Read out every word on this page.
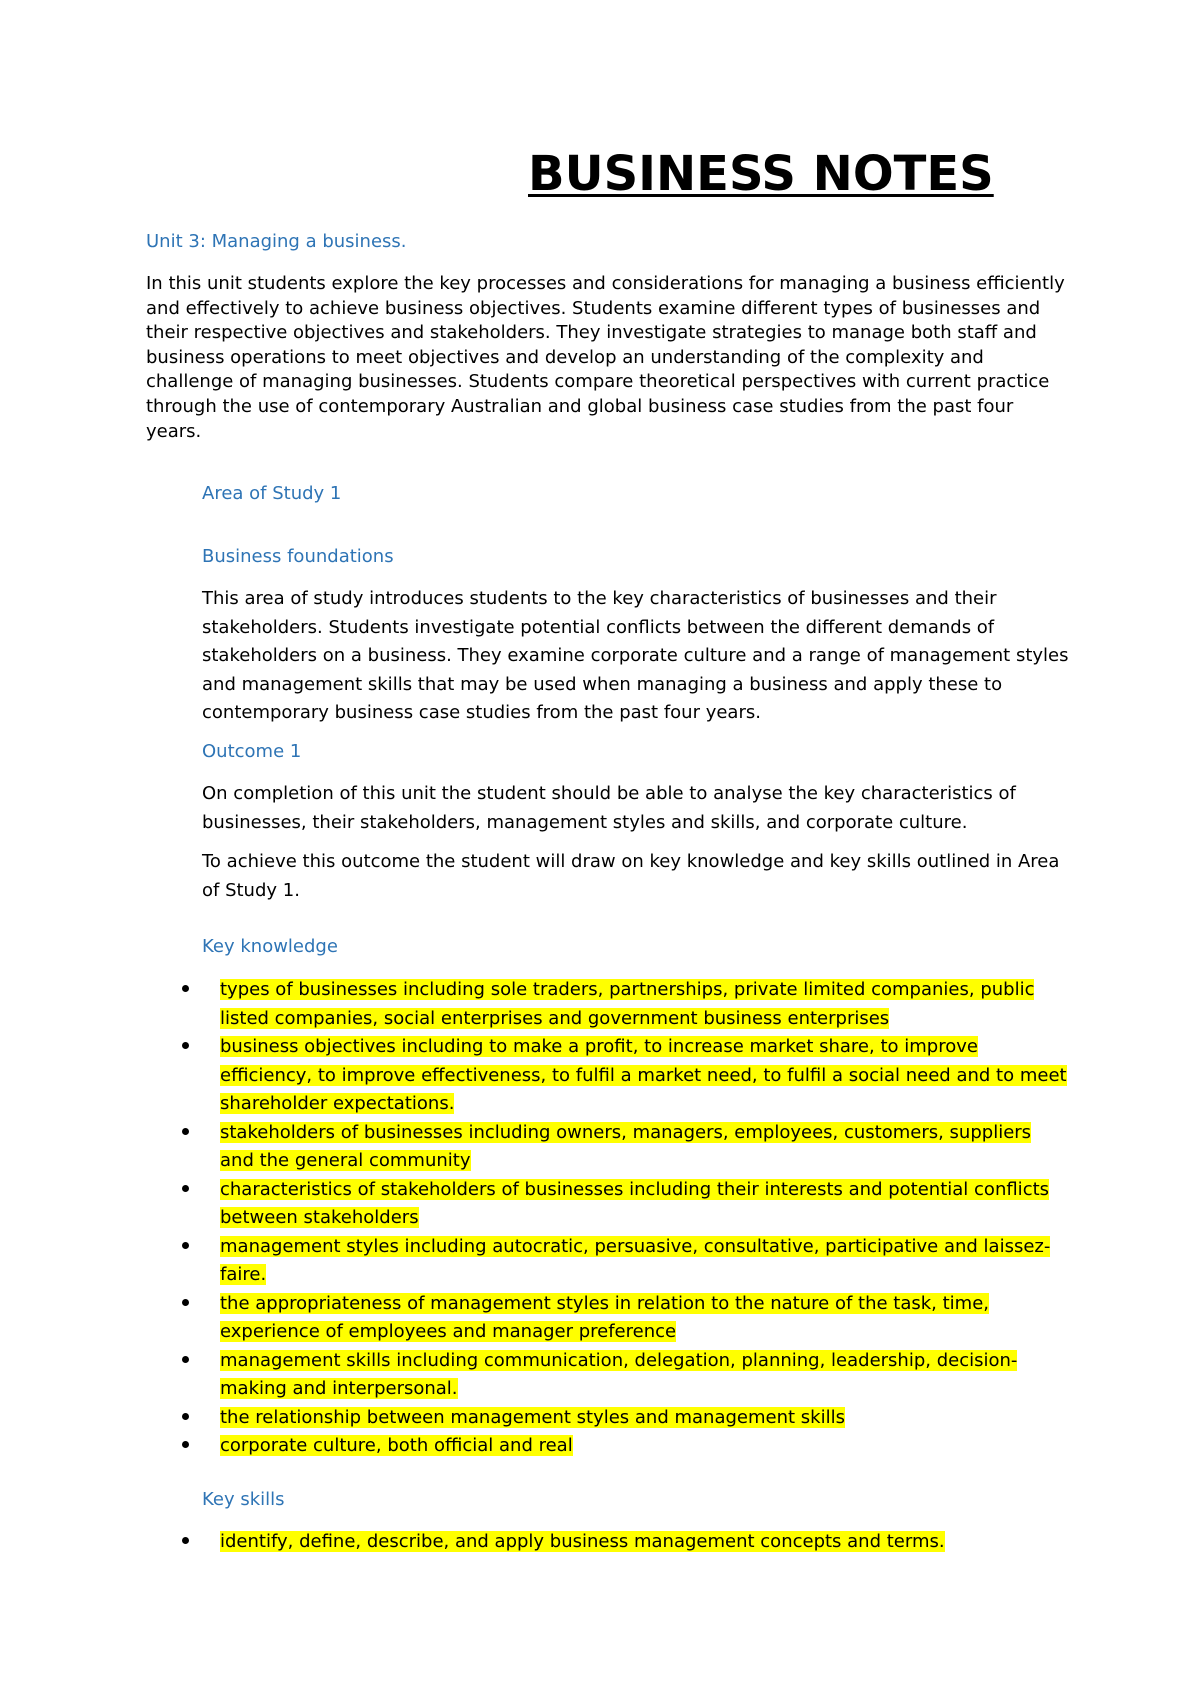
BUSINESS NOTES
Unit 3: Managing a business.

In this unit students explore the key processes and considerations for managing a business efficiently and effectively to achieve business objectives. Students examine different types of businesses and their respective objectives and stakeholders. They investigate strategies to manage both staff and business operations to meet objectives and develop an understanding of the complexity and challenge of managing businesses. Students compare theoretical perspectives with current practice through the use of contemporary Australian and global business case studies from the past four years.

Area of Study 1
Business foundations

This area of study introduces students to the key characteristics of businesses and their stakeholders. Students investigate potential conflicts between the different demands of stakeholders on a business. They examine corporate culture and a range of management styles and management skills that may be used when managing a business and apply these to contemporary business case studies from the past four years.

Outcome 1

On completion of this unit the student should be able to analyse the key characteristics of businesses, their stakeholders, management styles and skills, and corporate culture.

To achieve this outcome the student will draw on key knowledge and key skills outlined in Area of Study 1.

Key knowledge
types of businesses including sole traders, partnerships, private limited companies, public listed companies, social enterprises and government business enterprises
business objectives including to make a profit, to increase market share, to improve efficiency, to improve effectiveness, to fulfil a market need, to fulfil a social need and to meet shareholder expectations.
stakeholders of businesses including owners, managers, employees, customers, suppliers and the general community
characteristics of stakeholders of businesses including their interests and potential conflicts between stakeholders
management styles including autocratic, persuasive, consultative, participative and laissez-faire.
the appropriateness of management styles in relation to the nature of the task, time, experience of employees and manager preference
management skills including communication, delegation, planning, leadership, decision-making and interpersonal.
the relationship between management styles and management skills
corporate culture, both official and real
Key skills
identify, define, describe, and apply business management concepts and terms.
